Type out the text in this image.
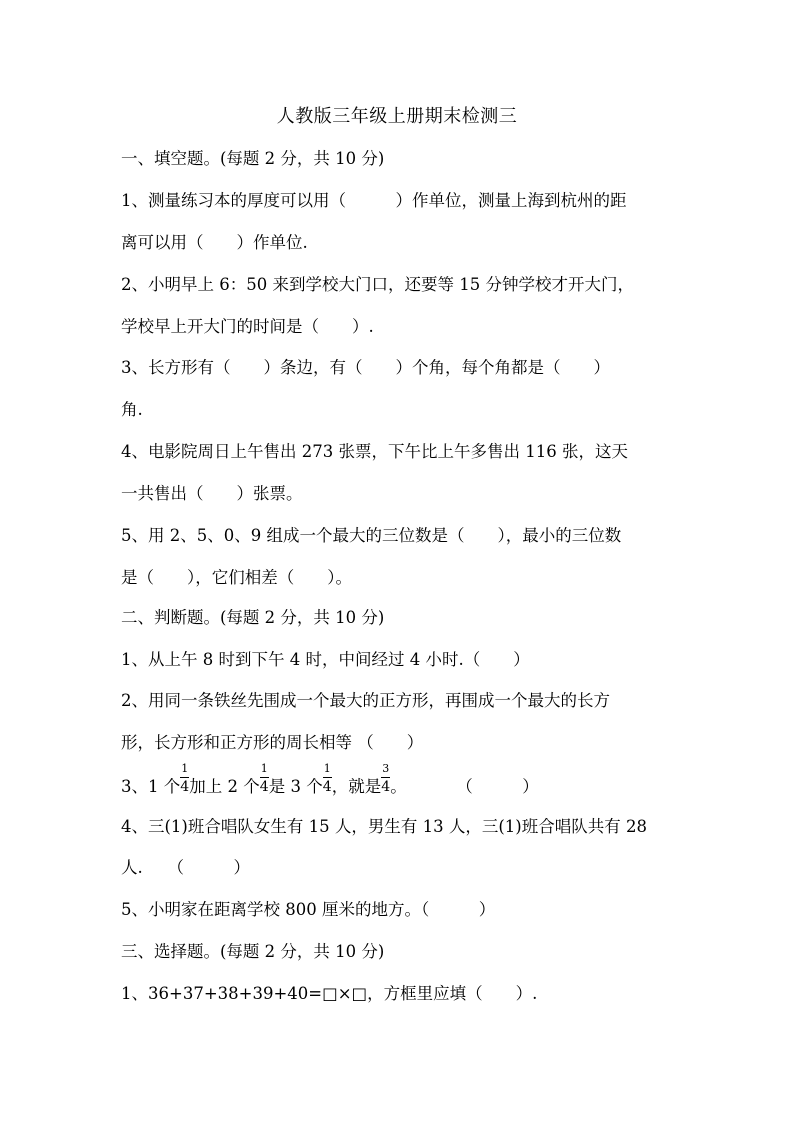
人教版三年级上册期末检测三
一、填空题。(每题 2 分，共 10 分)
1、测量练习本的厚度可以用（　　　）作单位，测量上海到杭州的距
离可以用（　　）作单位.
2、小明早上 6：50 来到学校大门口，还要等 15 分钟学校才开大门，
学校早上开大门的时间是（　　）.
3、长方形有（　　）条边，有（　　）个角，每个角都是（　　）
角.
4、电影院周日上午售出 273 张票，下午比上午多售出 116 张，这天
一共售出（　　）张票。
5、用 2、5、0、9 组成一个最大的三位数是（　　），最小的三位数
是（　　），它们相差（　　）。
二、判断题。(每题 2 分，共 10 分)
1、从上午 8 时到下午 4 时，中间经过 4 小时.（　　）
2、用同一条铁丝先围成一个最大的正方形，再围成一个最大的长方
形，长方形和正方形的周长相等 （　　）
3、1 个 $\frac{1}{4}$ 加上 2 个 $\frac{1}{4}$ 是 3 个 $\frac{1}{4}$ ，就是 $\frac{3}{4}$ 。　　　　（　　　）
4、三(1)班合唱队女生有 15 人，男生有 13 人，三(1)班合唱队共有 28
人.　　（　　　）
5、小明家在距离学校 800 厘米的地方。（　　　）
三、选择题。(每题 2 分，共 10 分)
1、36+37+38+39+40=□×□，方框里应填（　　）.
